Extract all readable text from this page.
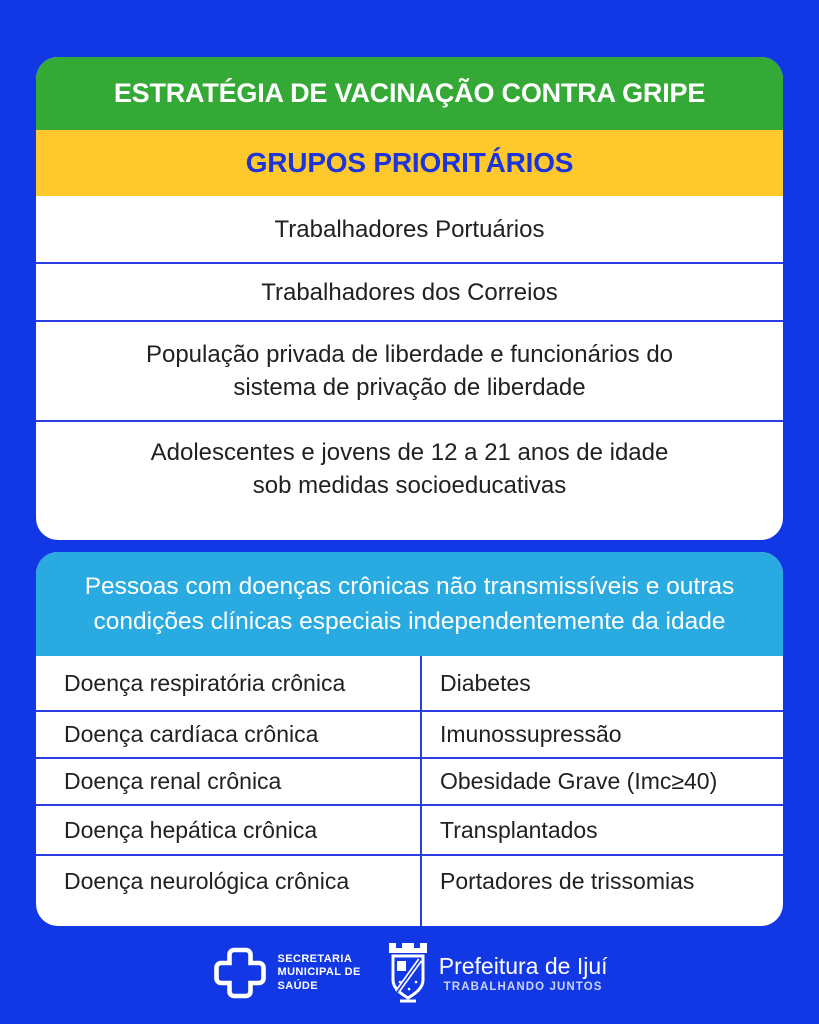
ESTRATÉGIA DE VACINAÇÃO CONTRA GRIPE
GRUPOS PRIORITÁRIOS
Trabalhadores Portuários
Trabalhadores dos Correios
População privada de liberdade e funcionários do sistema de privação de liberdade
Adolescentes e jovens de 12 a 21 anos de idade sob medidas socioeducativas

Pessoas com doenças crônicas não transmissíveis e outras condições clínicas especiais independentemente da idade

Doença respiratória crônica	Diabetes
Doença cardíaca crônica	Imunossupressão
Doença renal crônica	Obesidade Grave (Imc≥40)
Doença hepática crônica	Transplantados
Doença neurológica crônica	Portadores de trissomias
SECRETARIA
MUNICIPAL DE
SAÚDE
Prefeitura de Ijuí
TRABALHANDO JUNTOS
